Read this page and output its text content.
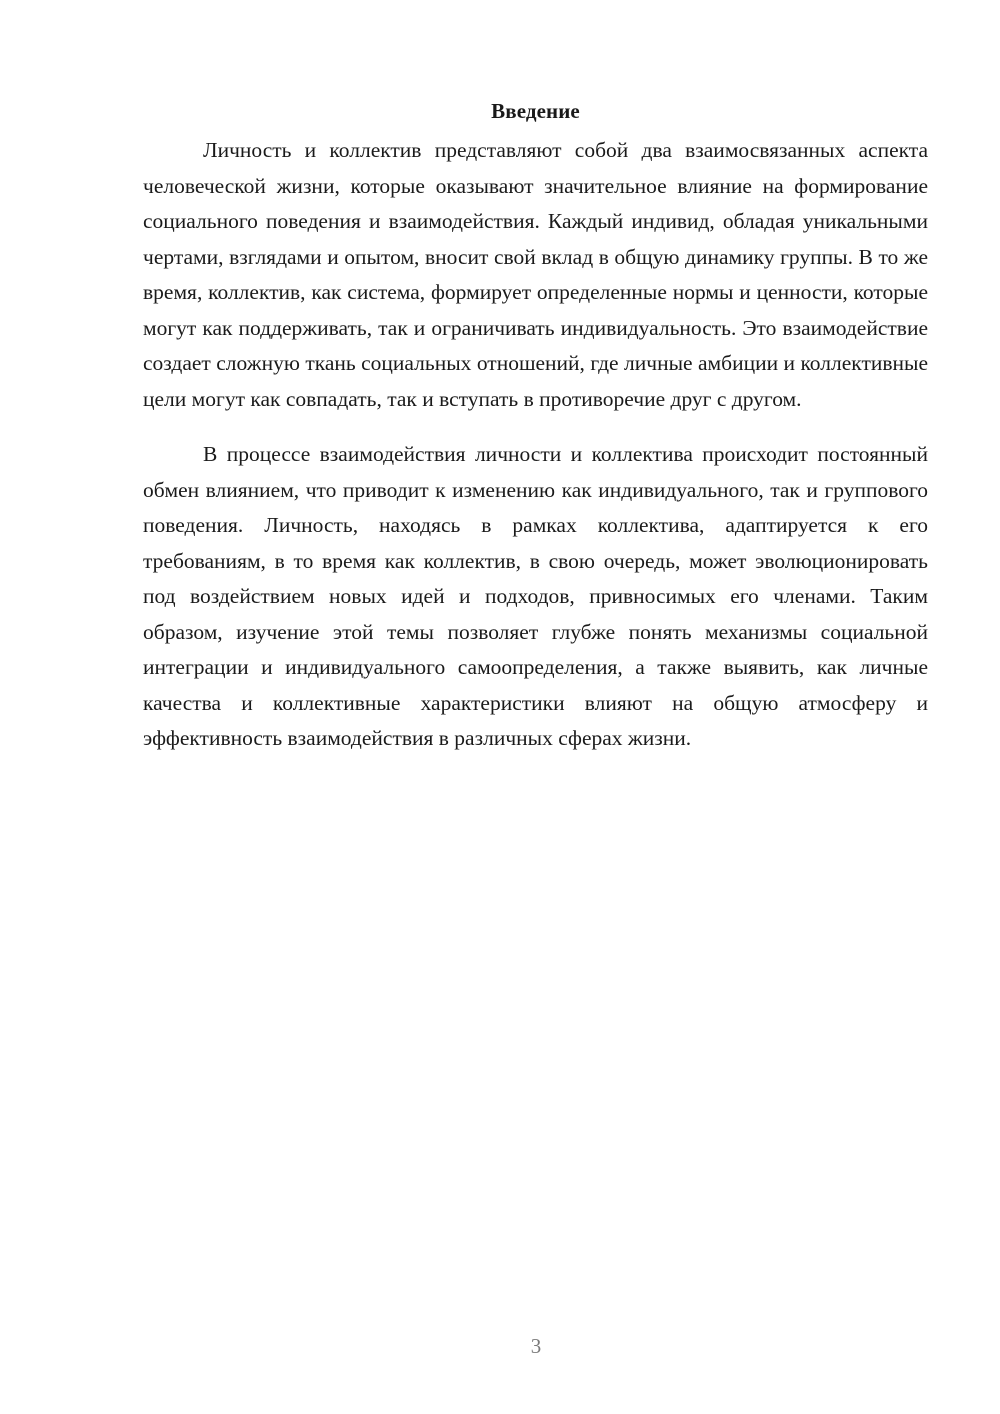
Введение

Личность и коллектив представляют собой два взаимосвязанных аспекта человеческой жизни, которые оказывают значительное влияние на формирование социального поведения и взаимодействия. Каждый индивид, обладая уникальными чертами, взглядами и опытом, вносит свой вклад в общую динамику группы. В то же время, коллектив, как система, формирует определенные нормы и ценности, которые могут как поддерживать, так и ограничивать индивидуальность. Это взаимодействие создает сложную ткань социальных отношений, где личные амбиции и коллективные цели могут как совпадать, так и вступать в противоречие друг с другом.

В процессе взаимодействия личности и коллектива происходит постоянный обмен влиянием, что приводит к изменению как индивидуального, так и группового поведения. Личность, находясь в рамках коллектива, адаптируется к его требованиям, в то время как коллектив, в свою очередь, может эволюционировать под воздействием новых идей и подходов, привносимых его членами. Таким образом, изучение этой темы позволяет глубже понять механизмы социальной интеграции и индивидуального самоопределения, а также выявить, как личные качества и коллективные характеристики влияют на общую атмосферу и эффективность взаимодействия в различных сферах жизни.

3
